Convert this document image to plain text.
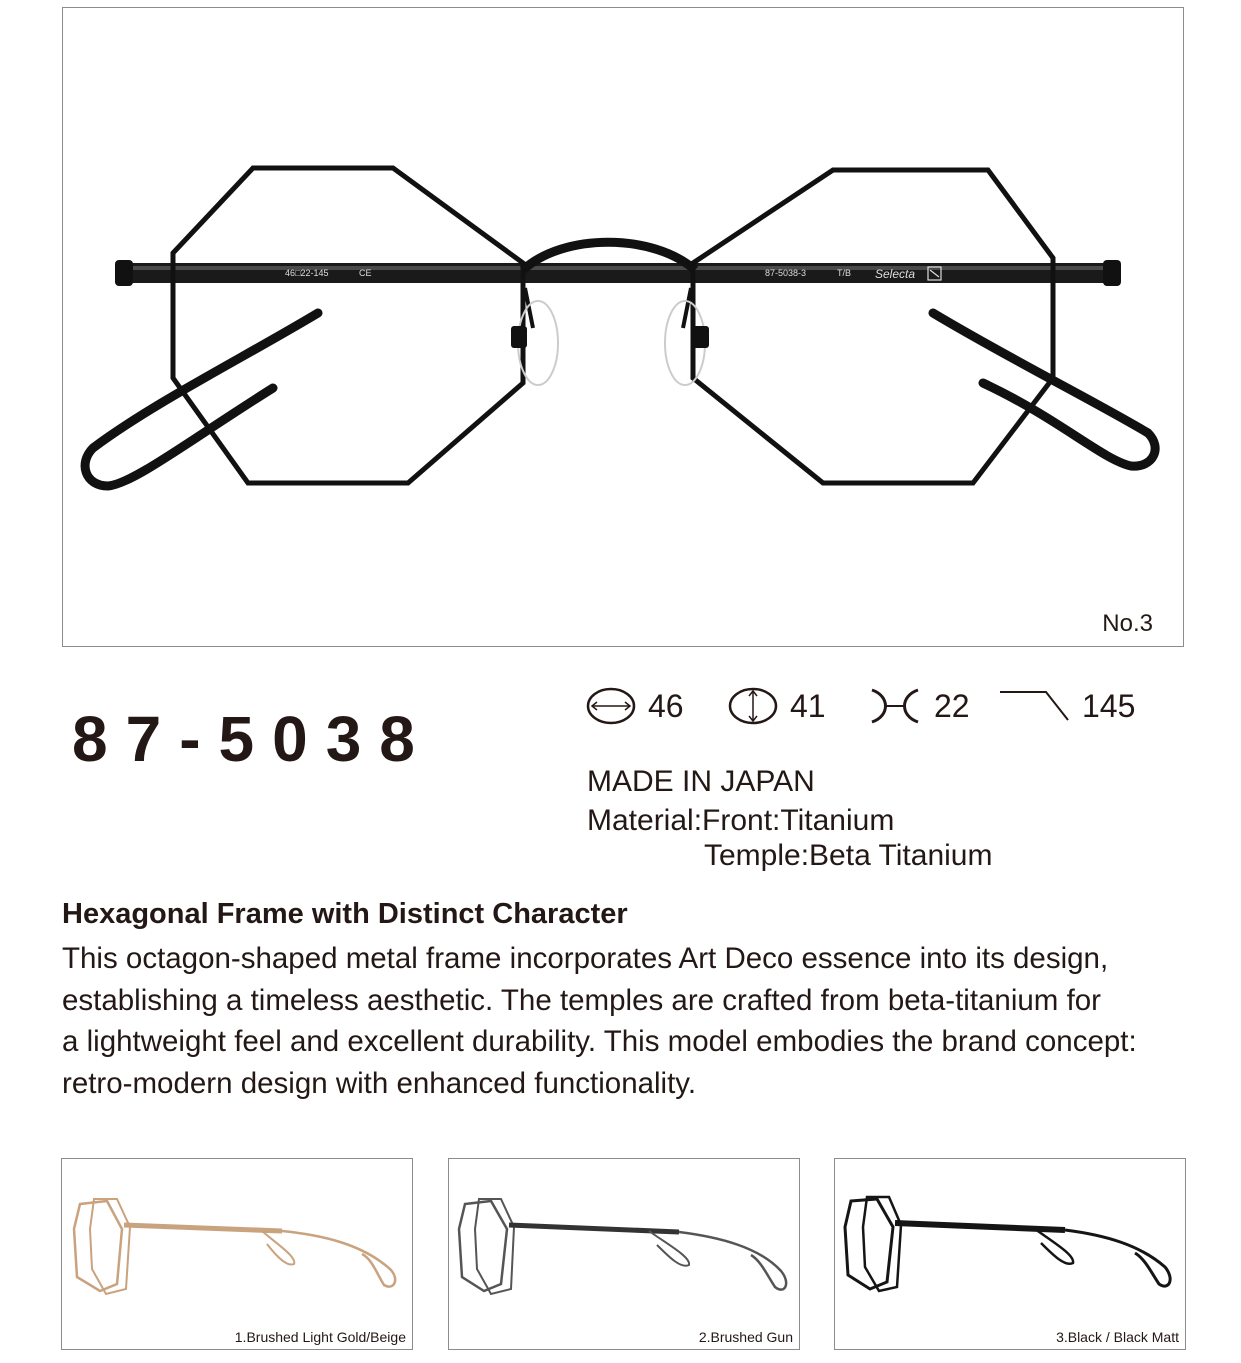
46□22-145	CE	87-5038-3	T/B Selecta
No.3
87-5038	46	41	22	145
MADE IN JAPAN
Material:Front:Titanium
Temple:Beta Titanium
Hexagonal Frame with Distinct Character
This octagon-shaped metal frame incorporates Art Deco essence into its design,
establishing a timeless aesthetic. The temples are crafted from beta-titanium for
a lightweight feel and excellent durability. This model embodies the brand concept:
retro-modern design with enhanced functionality.
1.Brushed Light Gold/Beige	2.Brushed Gun	3.Black / Black Matt
